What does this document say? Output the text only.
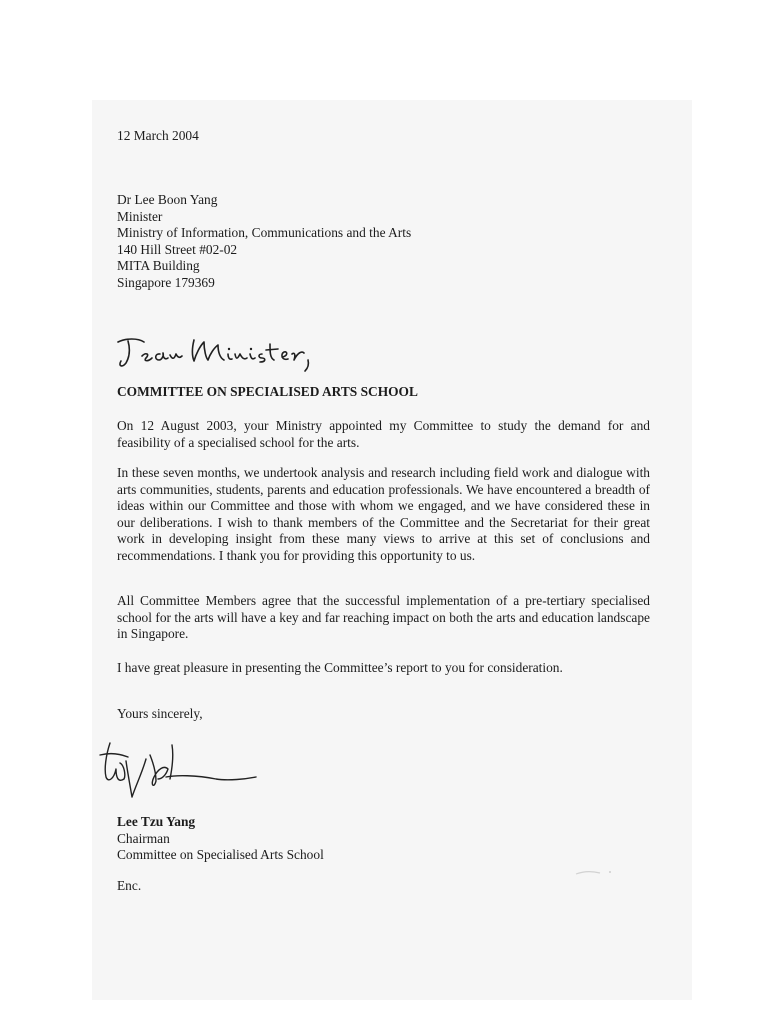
12 March 2004
Dr Lee Boon Yang
Minister
Ministry of Information, Communications and the Arts
140 Hill Street #02-02
MITA Building
Singapore 179369
COMMITTEE ON SPECIALISED ARTS SCHOOL
On 12 August 2003, your Ministry appointed my Committee to study the demand for and feasibility of a specialised school for the arts.
In these seven months, we undertook analysis and research including field work and dialogue with arts communities, students, parents and education professionals. We have encountered a breadth of ideas within our Committee and those with whom we engaged, and we have considered these in our deliberations. I wish to thank members of the Committee and the Secretariat for their great work in developing insight from these many views to arrive at this set of conclusions and recommendations. I thank you for providing this opportunity to us.
All Committee Members agree that the successful implementation of a pre-tertiary specialised school for the arts will have a key and far reaching impact on both the arts and education landscape in Singapore.
I have great pleasure in presenting the Committee’s report to you for consideration.
Yours sincerely,
Lee Tzu Yang
Chairman
Committee on Specialised Arts School
Enc.
